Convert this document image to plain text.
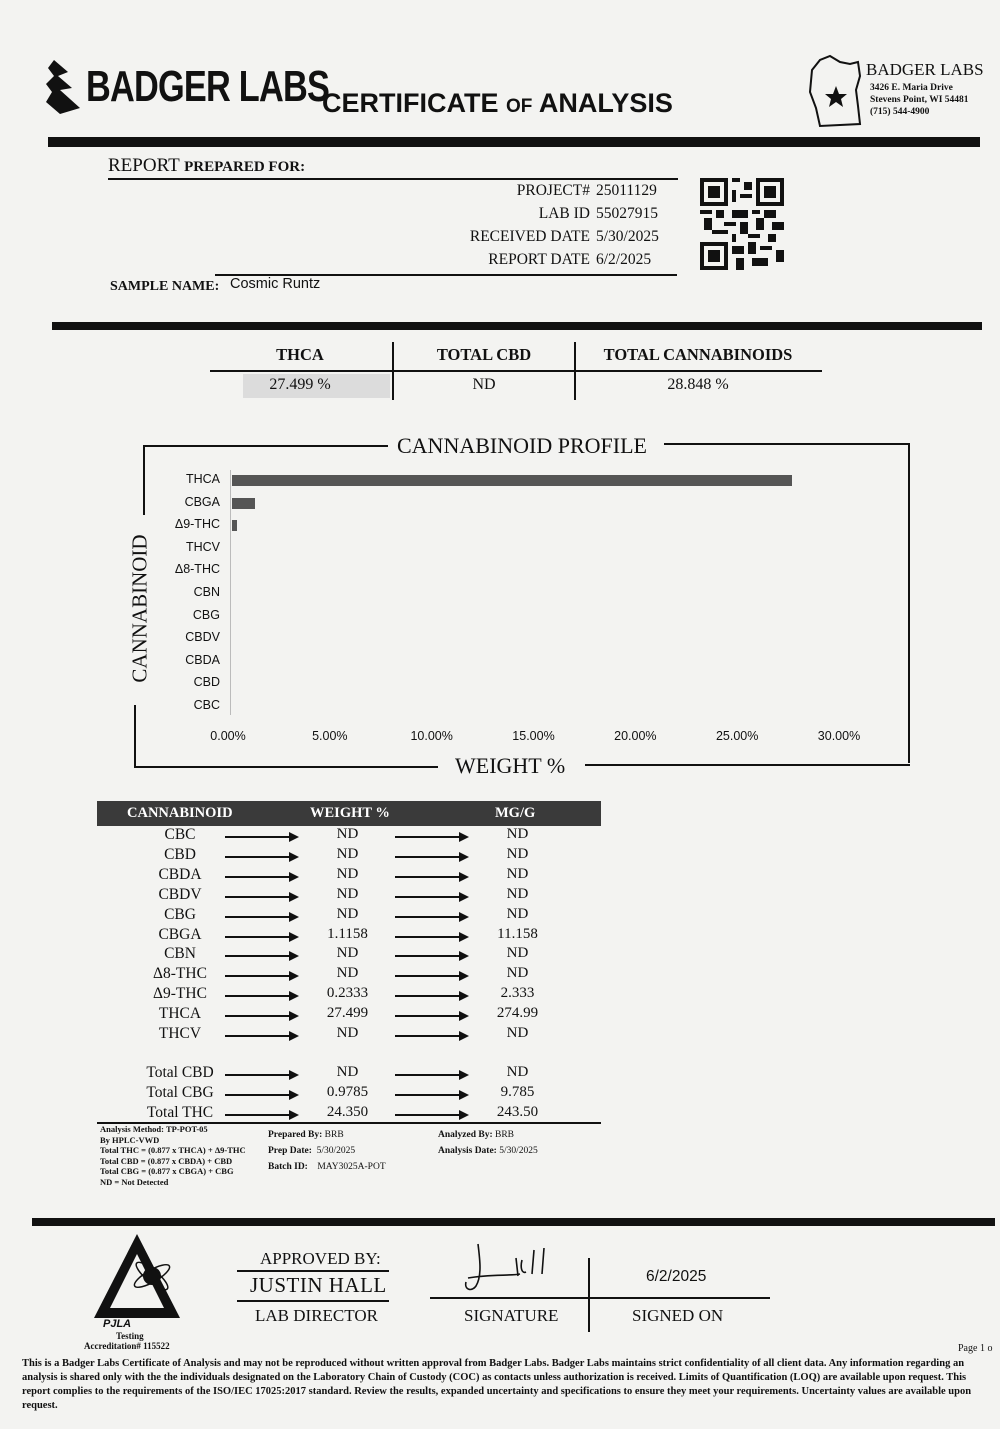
BADGER LABS
CERTIFICATE OF ANALYSIS
BADGER LABS
3426 E. Maria Drive
Stevens Point, WI 54481
(715) 544-4900
REPORT PREPARED FOR:
PROJECT# 25011129
LAB ID 55027915
RECEIVED DATE 5/30/2025
REPORT DATE 6/2/2025
SAMPLE NAME: Cosmic Runtz
THCA	TOTAL CBD	TOTAL CANNABINOIDS
27.499 %	ND	28.848 %
CANNABINOID PROFILE
CANNABINOID
WEIGHT %
THCA
CBGA
Δ9-THC
THCV
Δ8-THC
CBN
CBG
CBDV
CBDA
CBD
CBC
0.00%	5.00%	10.00%	15.00%	20.00%	25.00%	30.00%
CANNABINOID	WEIGHT %	MG/G
CBC	ND	ND
CBD	ND	ND
CBDA	ND	ND
CBDV	ND	ND
CBG	ND	ND
CBGA	1.1158	11.158
CBN	ND	ND
Δ8-THC	ND	ND
Δ9-THC	0.2333	2.333
THCA	27.499	274.99
THCV	ND	ND
Total CBD	ND	ND
Total CBG	0.9785	9.785
Total THC	24.350	243.50
Analysis Method: TP-POT-05
By HPLC-VWD
Total THC = (0.877 x THCA) + Δ9-THC
Total CBD = (0.877 x CBDA) + CBD
Total CBG = (0.877 x CBGA) + CBG
ND = Not Detected
Prepared By: BRB
Prep Date: 5/30/2025
Batch ID: MAY3025A-POT
Analyzed By: BRB
Analysis Date: 5/30/2025
PJLA
Testing
Accreditation# 115522
APPROVED BY:
JUSTIN HALL
LAB DIRECTOR	SIGNATURE
6/2/2025
SIGNED ON
Page 1 o
This is a Badger Labs Certificate of Analysis and may not be reproduced without written approval from Badger Labs. Badger Labs maintains strict confidentiality of all client data. Any information regarding an analysis is shared only with the the individuals designated on the Laboratory Chain of Custody (COC) as contacts unless authorization is received. Limits of Quantification (LOQ) are available upon request. This report complies to the requirements of the ISO/IEC 17025:2017 standard. Review the results, expanded uncertainty and specifications to ensure they meet your requirements. Uncertainty values are available upon request.
